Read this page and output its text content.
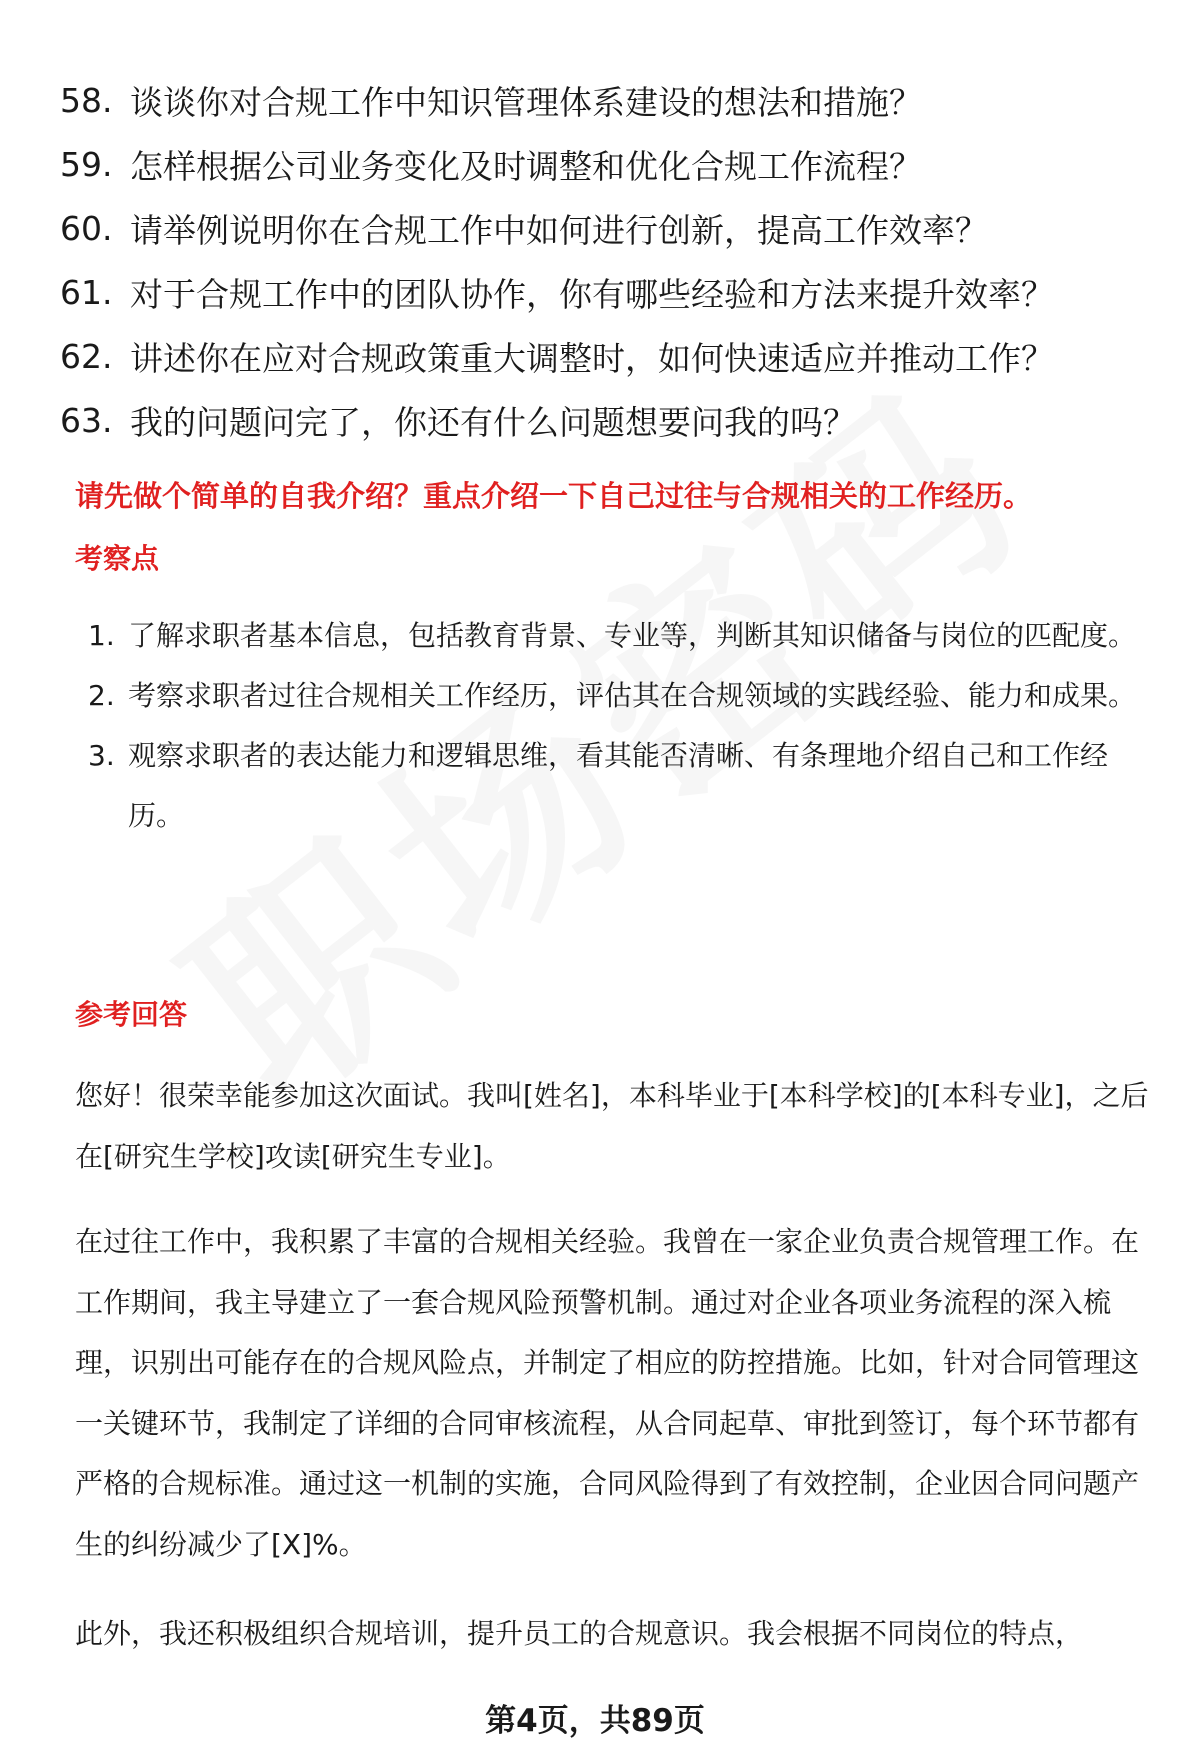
58. 谈谈你对合规工作中知识管理体系建设的想法和措施？
59. 怎样根据公司业务变化及时调整和优化合规工作流程？
60. 请举例说明你在合规工作中如何进行创新，提高工作效率？
61. 对于合规工作中的团队协作，你有哪些经验和方法来提升效率？
62. 讲述你在应对合规政策重大调整时，如何快速适应并推动工作？
63. 我的问题问完了，你还有什么问题想要问我的吗？
请先做个简单的自我介绍？重点介绍一下自己过往与合规相关的工作经历。
考察点
1. 了解求职者基本信息，包括教育背景、专业等，判断其知识储备与岗位的匹配度。
2. 考察求职者过往合规相关工作经历，评估其在合规领域的实践经验、能力和成果。
3. 观察求职者的表达能力和逻辑思维，看其能否清晰、有条理地介绍自己和工作经历。
参考回答
您好！很荣幸能参加这次面试。我叫[姓名]，本科毕业于[本科学校]的[本科专业]，之后在[研究生学校]攻读[研究生专业]。
在过往工作中，我积累了丰富的合规相关经验。我曾在一家企业负责合规管理工作。在工作期间，我主导建立了一套合规风险预警机制。通过对企业各项业务流程的深入梳理，识别出可能存在的合规风险点，并制定了相应的防控措施。比如，针对合同管理这一关键环节，我制定了详细的合同审核流程，从合同起草、审批到签订，每个环节都有严格的合规标准。通过这一机制的实施，合同风险得到了有效控制，企业因合同问题产生的纠纷减少了[X]%。
此外，我还积极组织合规培训，提升员工的合规意识。我会根据不同岗位的特点，
第4页，共89页
